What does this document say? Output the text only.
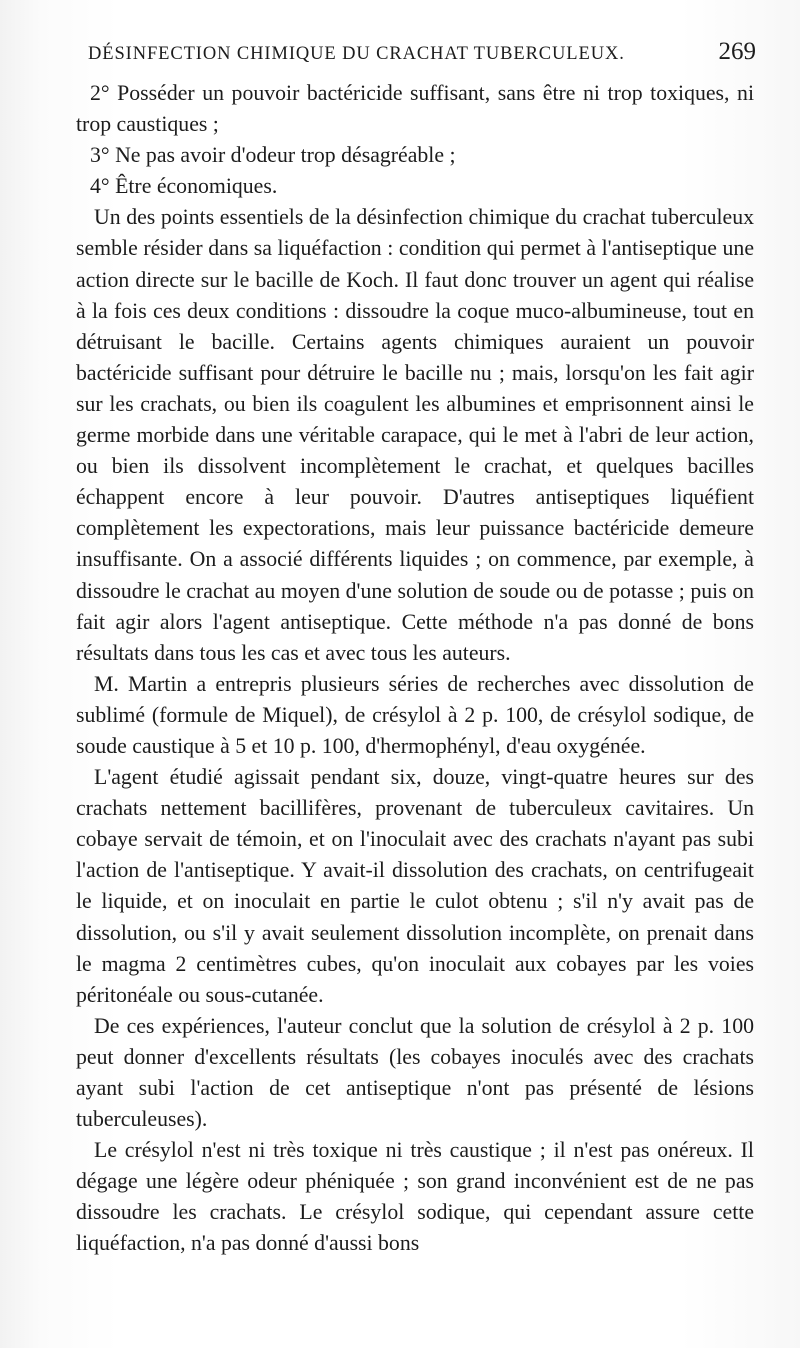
DÉSINFECTION CHIMIQUE DU CRACHAT TUBERCULEUX.	269

2° Posséder un pouvoir bactéricide suffisant, sans être ni trop toxiques, ni trop caustiques ;

3° Ne pas avoir d'odeur trop désagréable ;

4° Être économiques.

Un des points essentiels de la désinfection chimique du crachat tuberculeux semble résider dans sa liquéfaction : condition qui permet à l'antiseptique une action directe sur le bacille de Koch. Il faut donc trouver un agent qui réalise à la fois ces deux conditions : dissoudre la coque muco-albumineuse, tout en détruisant le bacille. Certains agents chimiques auraient un pouvoir bactéricide suffisant pour détruire le bacille nu ; mais, lorsqu'on les fait agir sur les crachats, ou bien ils coagulent les albumines et emprisonnent ainsi le germe morbide dans une véritable carapace, qui le met à l'abri de leur action, ou bien ils dissolvent incomplètement le crachat, et quelques bacilles échappent encore à leur pouvoir. D'autres antiseptiques liquéfient complètement les expectorations, mais leur puissance bactéricide demeure insuffisante. On a associé différents liquides ; on commence, par exemple, à dissoudre le crachat au moyen d'une solution de soude ou de potasse ; puis on fait agir alors l'agent antiseptique. Cette méthode n'a pas donné de bons résultats dans tous les cas et avec tous les auteurs.

M. Martin a entrepris plusieurs séries de recherches avec dissolution de sublimé (formule de Miquel), de crésylol à 2 p. 100, de crésylol sodique, de soude caustique à 5 et 10 p. 100, d'hermophényl, d'eau oxygénée.

L'agent étudié agissait pendant six, douze, vingt-quatre heures sur des crachats nettement bacillifères, provenant de tuberculeux cavitaires. Un cobaye servait de témoin, et on l'inoculait avec des crachats n'ayant pas subi l'action de l'antiseptique. Y avait-il dissolution des crachats, on centrifugeait le liquide, et on inoculait en partie le culot obtenu ; s'il n'y avait pas de dissolution, ou s'il y avait seulement dissolution incomplète, on prenait dans le magma 2 centimètres cubes, qu'on inoculait aux cobayes par les voies péritonéale ou sous-cutanée.

De ces expériences, l'auteur conclut que la solution de crésylol à 2 p. 100 peut donner d'excellents résultats (les cobayes inoculés avec des crachats ayant subi l'action de cet antiseptique n'ont pas présenté de lésions tuberculeuses).

Le crésylol n'est ni très toxique ni très caustique ; il n'est pas onéreux. Il dégage une légère odeur phéniquée ; son grand inconvénient est de ne pas dissoudre les crachats. Le crésylol sodique, qui cependant assure cette liquéfaction, n'a pas donné d'aussi bons
